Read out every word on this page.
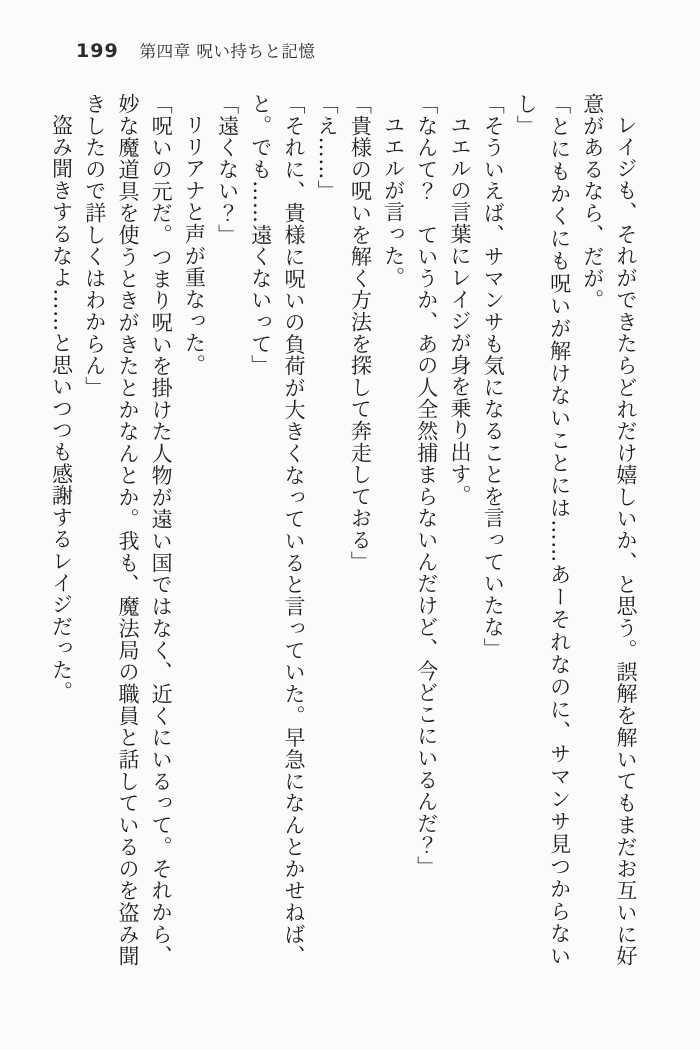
199 第四章 呪い持ちと記憶

レイジも、それができたらどれだけ嬉しいか、と思う。誤解を解いてもまだお互いに好意があるなら、だが。

「とにもかくにも呪いが解けないことには……あーそれなのに、サマンサ見つからないし」

「そういえば、サマンサも気になることを言っていたな」

ユエルの言葉にレイジが身を乗り出す。

「なんて？　ていうか、あの人全然捕まらないんだけど、今どこにいるんだ？」

ユエルが言った。

「貴様の呪いを解く方法を探して奔走しておる」

「え……」

「それに、貴様に呪いの負荷が大きくなっていると言っていた。早急になんとかせねば、と。でも……遠くないって」

「遠くない？」

リリアナと声が重なった。

「呪いの元だ。つまり呪いを掛けた人物が遠い国ではなく、近くにいるって。それから、妙な魔道具を使うときがきたとかなんとか。我も、魔法局の職員と話しているのを盗み聞きしたので詳しくはわからん」

盗み聞きするなよ……と思いつつも感謝するレイジだった。
